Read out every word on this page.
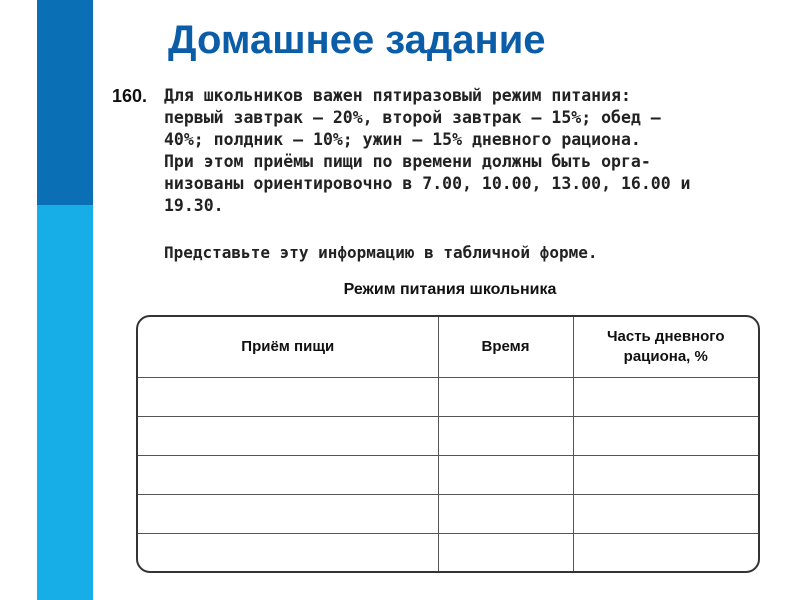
Домашнее задание
160.	Для школьников важен пятиразовый режим питания:
первый завтрак — 20%, второй завтрак — 15%; обед —
40%; полдник — 10%; ужин — 15% дневного рациона.
При этом приёмы пищи по времени должны быть орга-
низованы ориентировочно в 7.00, 10.00, 13.00, 16.00 и
19.30.
Представьте эту информацию в табличной форме.
Режим питания школьника
Приём пищи	Время	Часть дневного рациона, %
